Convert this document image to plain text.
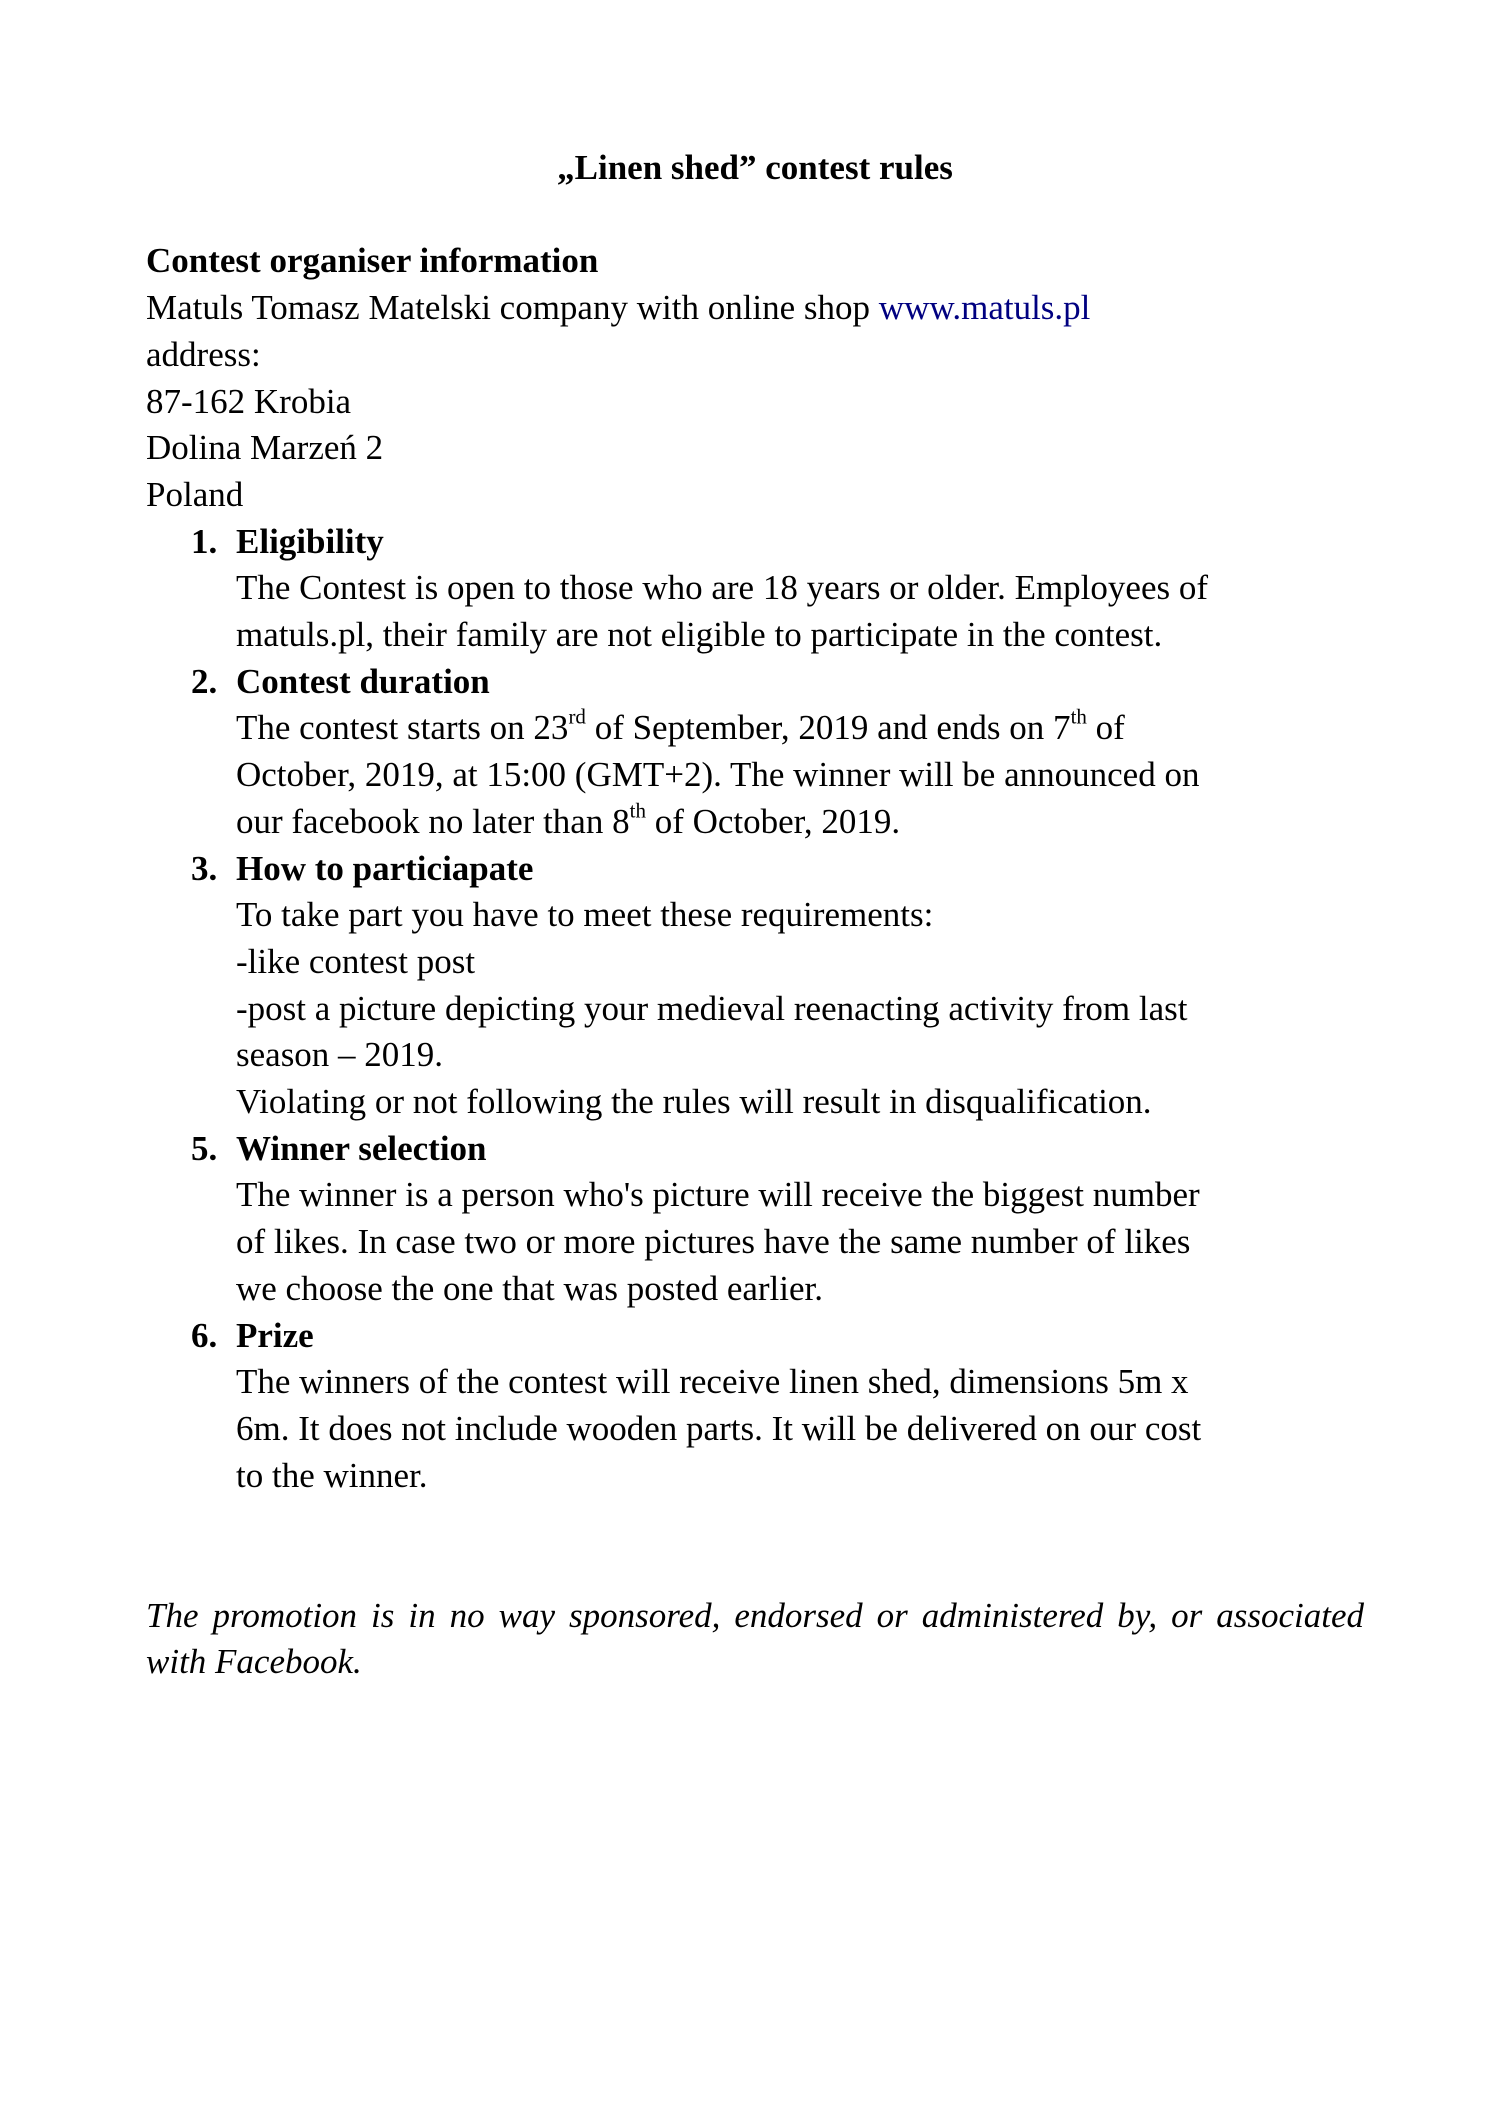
„Linen shed” contest rules
Contest organiser information
Matuls Tomasz Matelski company with online shop www.matuls.pl
address:
87-162 Krobia
Dolina Marzeń 2
Poland
1. Eligibility
The Contest is open to those who are 18 years or older. Employees of
matuls.pl, their family are not eligible to participate in the contest.
2. Contest duration
The contest starts on 23rd of September, 2019 and ends on 7th of
October, 2019, at 15:00 (GMT+2). The winner will be announced on
our facebook no later than 8th of October, 2019.
3. How to particiapate
To take part you have to meet these requirements:
-like contest post
-post a picture depicting your medieval reenacting activity from last
season – 2019.
Violating or not following the rules will result in disqualification.
5. Winner selection
The winner is a person who's picture will receive the biggest number
of likes. In case two or more pictures have the same number of likes
we choose the one that was posted earlier.
6. Prize
The winners of the contest will receive linen shed, dimensions 5m x
6m. It does not include wooden parts. It will be delivered on our cost
to the winner.
The promotion is in no way sponsored, endorsed or administered by, or associated with Facebook.
